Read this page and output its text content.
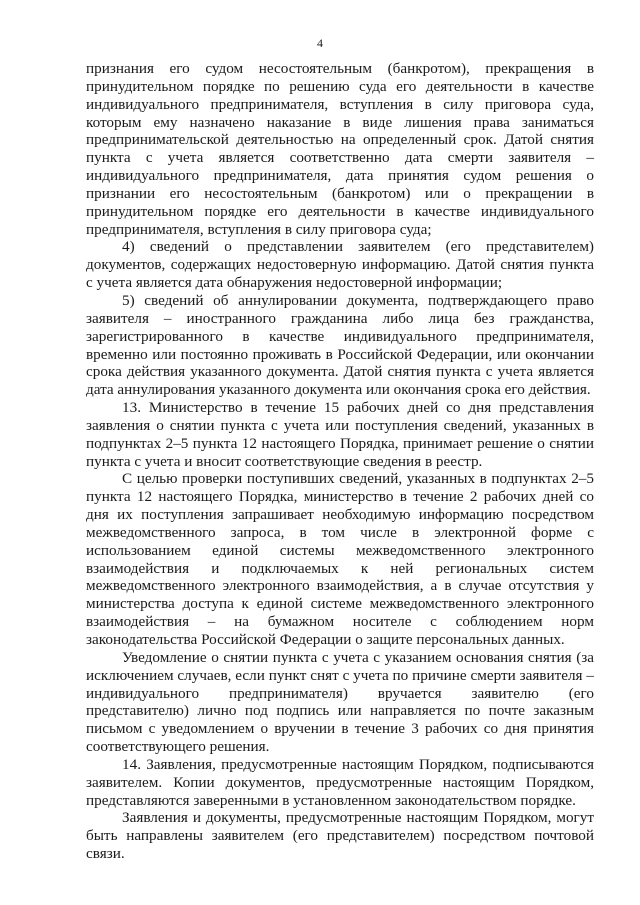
4

признания его судом несостоятельным (банкротом), прекращения в принудительном порядке по решению суда его деятельности в качестве индивидуального предпринимателя, вступления в силу приговора суда, которым ему назначено наказание в виде лишения права заниматься предпринимательской деятельностью на определенный срок. Датой снятия пункта с учета является соответственно дата смерти заявителя – индивидуального предпринимателя, дата принятия судом решения о признании его несостоятельным (банкротом) или о прекращении в принудительном порядке его деятельности в качестве индивидуального предпринимателя, вступления в силу приговора суда;

4) сведений о представлении заявителем (его представителем) документов, содержащих недостоверную информацию. Датой снятия пункта с учета является дата обнаружения недостоверной информации;

5) сведений об аннулировании документа, подтверждающего право заявителя – иностранного гражданина либо лица без гражданства, зарегистрированного в качестве индивидуального предпринимателя, временно или постоянно проживать в Российской Федерации, или окончании срока действия указанного документа. Датой снятия пункта с учета является дата аннулирования указанного документа или окончания срока его действия.

13. Министерство в течение 15 рабочих дней со дня представления заявления о снятии пункта с учета или поступления сведений, указанных в подпунктах 2–5 пункта 12 настоящего Порядка, принимает решение о снятии пункта с учета и вносит соответствующие сведения в реестр.

С целью проверки поступивших сведений, указанных в подпунктах 2–5 пункта 12 настоящего Порядка, министерство в течение 2 рабочих дней со дня их поступления запрашивает необходимую информацию посредством межведомственного запроса, в том числе в электронной форме с использованием единой системы межведомственного электронного взаимодействия и подключаемых к ней региональных систем межведомственного электронного взаимодействия, а в случае отсутствия у министерства доступа к единой системе межведомственного электронного взаимодействия – на бумажном носителе с соблюдением норм законодательства Российской Федерации о защите персональных данных.

Уведомление о снятии пункта с учета с указанием основания снятия (за исключением случаев, если пункт снят с учета по причине смерти заявителя – индивидуального предпринимателя) вручается заявителю (его представителю) лично под подпись или направляется по почте заказным письмом с уведомлением о вручении в течение 3 рабочих со дня принятия соответствующего решения.

14. Заявления, предусмотренные настоящим Порядком, подписываются заявителем. Копии документов, предусмотренные настоящим Порядком, представляются заверенными в установленном законодательством порядке.

Заявления и документы, предусмотренные настоящим Порядком, могут быть направлены заявителем (его представителем) посредством почтовой связи.
